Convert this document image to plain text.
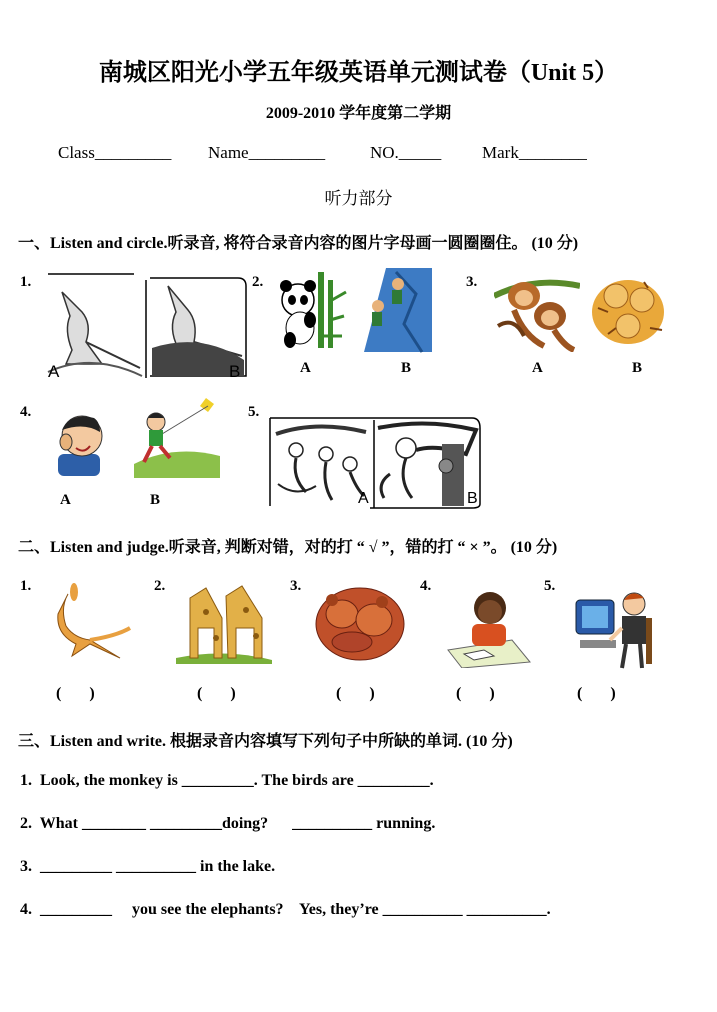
南城区阳光小学五年级英语单元测试卷（Unit 5）
2009-2010 学年度第二学期
Class_________ Name_________	NO._____ Mark________
听力部分
一、Listen and circle.听录音, 将符合录音内容的图片字母画一圆圈圈住。 (10 分)
1.
A	B
2.
A	B
3.
A	B
4.
A	B
5.
A	B
二、Listen and judge.听录音, 判断对错，对的打 “ √ ”，错的打 “ × ”。 (10 分)
1.	2.	3.	4.	5.
(       )	(       )	(       )	(       )	(       )
三、Listen and write. 根据录音内容填写下列句子中所缺的单词. (10 分)
1.  Look, the monkey is _________. The birds are _________.
2.  What ________ _________doing?      __________ running.
3.  _________ __________ in the lake.
4.  _________     you see the elephants?    Yes, they’re __________ __________.
